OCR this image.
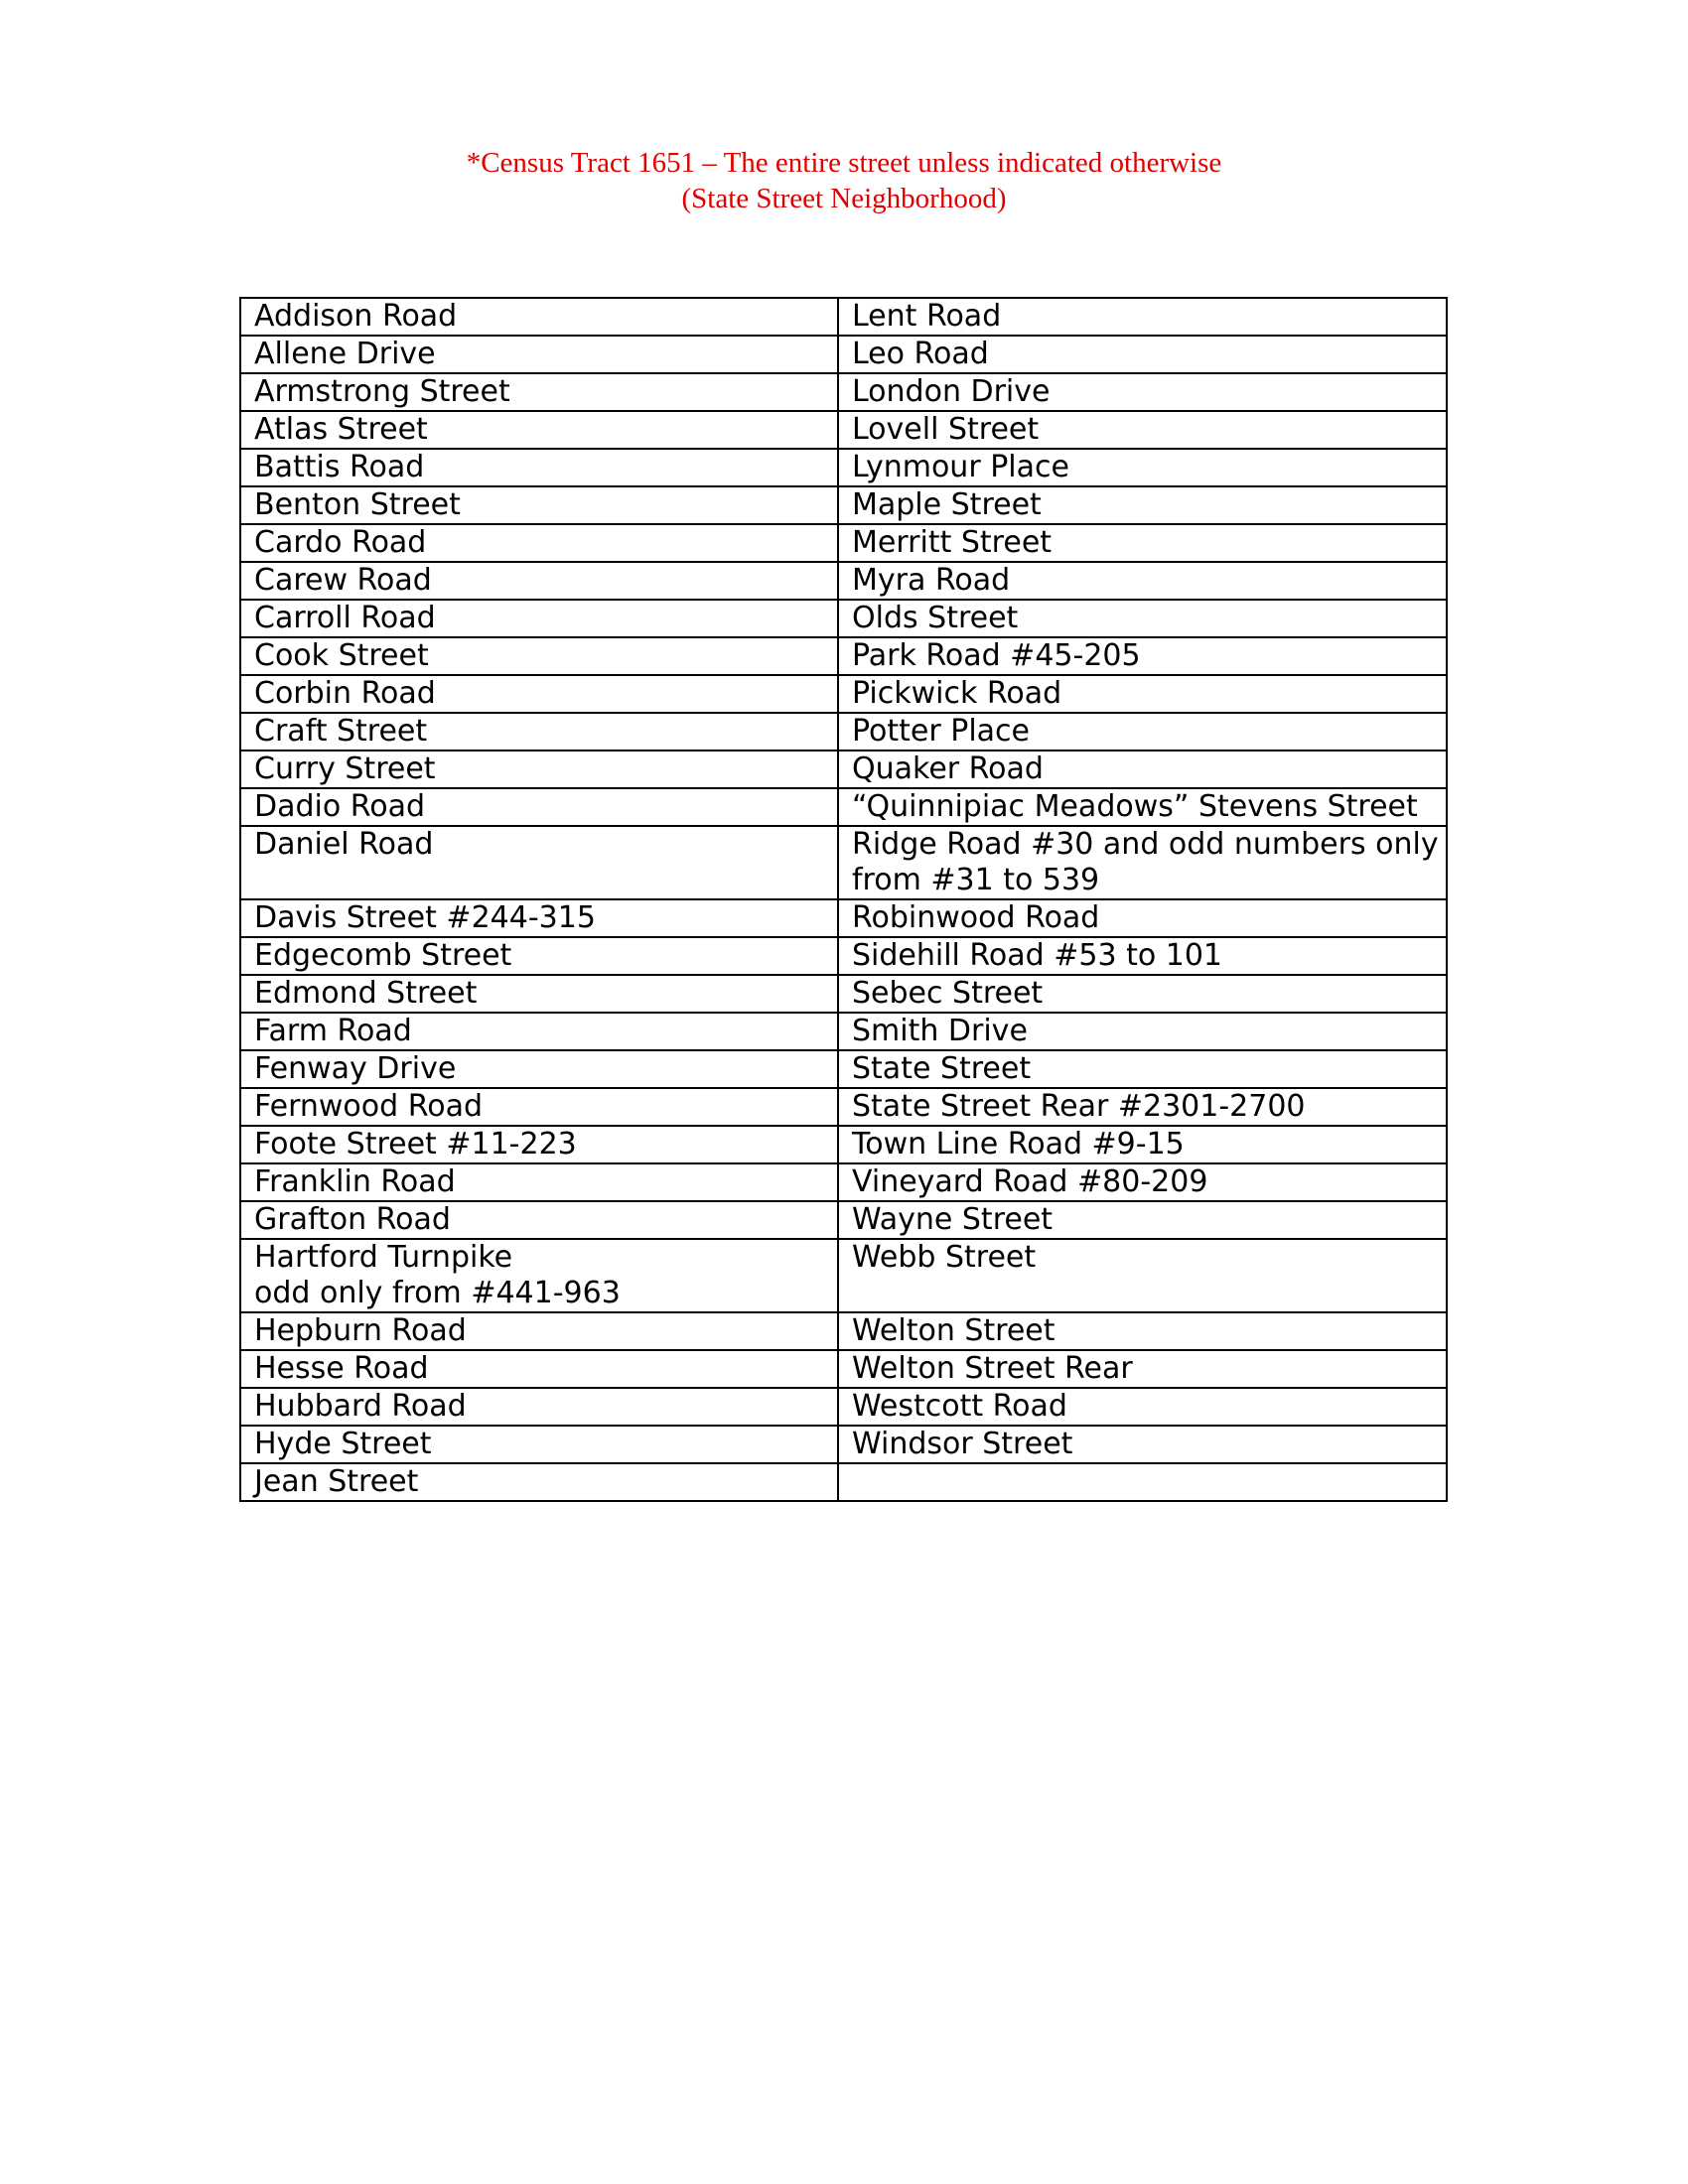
*Census Tract 1651 – The entire street unless indicated otherwise
(State Street Neighborhood)
Addison Road	Lent Road

Allene Drive	Leo Road

Armstrong Street	London Drive

Atlas Street	Lovell Street

Battis Road	Lynmour Place

Benton Street	Maple Street

Cardo Road	Merritt Street

Carew Road	Myra Road

Carroll Road	Olds Street

Cook Street	Park Road #45-205

Corbin Road	Pickwick Road

Craft Street	Potter Place

Curry Street	Quaker Road

Dadio Road	“Quinnipiac Meadows” Stevens Street

Daniel Road	Ridge Road #30 and odd numbers only
from #31 to 539

Davis Street #244-315	Robinwood Road

Edgecomb Street	Sidehill Road #53 to 101

Edmond Street	Sebec Street

Farm Road	Smith Drive

Fenway Drive	State Street

Fernwood Road	State Street Rear #2301-2700

Foote Street #11-223	Town Line Road #9-15

Franklin Road	Vineyard Road #80-209

Grafton Road	Wayne Street

Hartford Turnpike
odd only from #441-963	Webb Street

Hepburn Road	Welton Street

Hesse Road	Welton Street Rear

Hubbard Road	Westcott Road

Hyde Street	Windsor Street

Jean Street	
